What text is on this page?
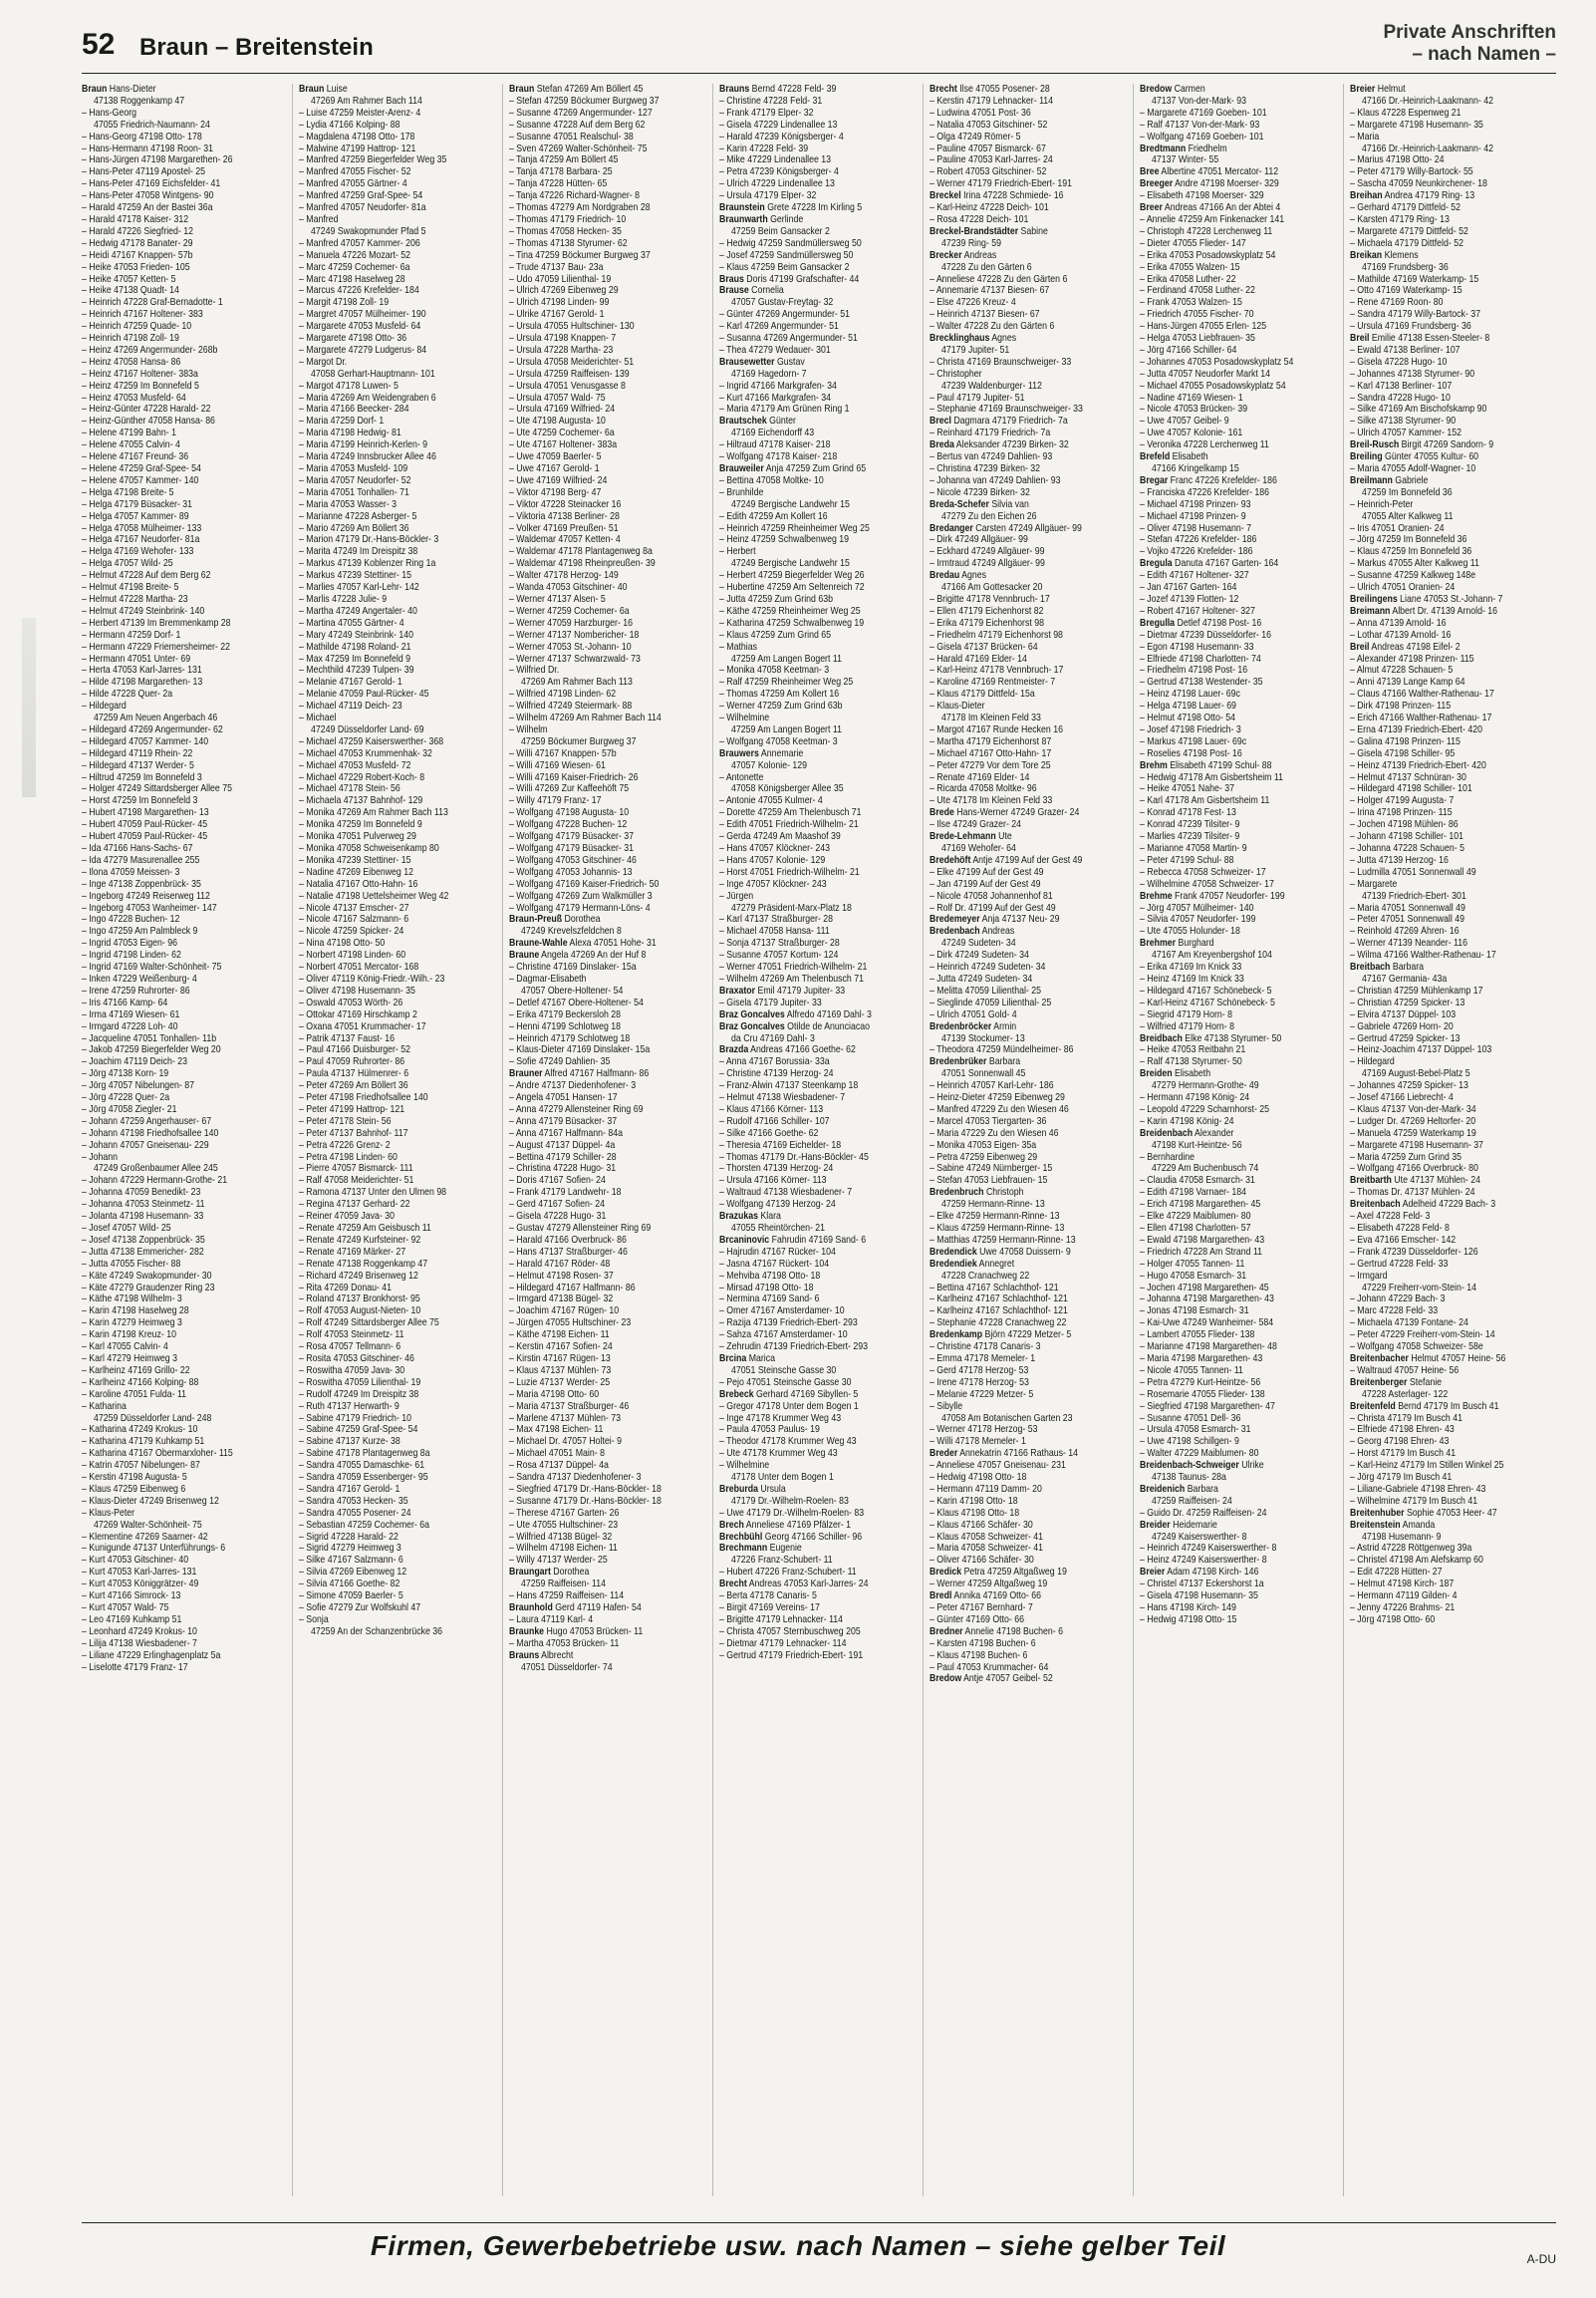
52 Braun – Breitenstein
Private Anschriften
– nach Namen –
Braun Hans-Dieter
47138 Roggenkamp 47
– Hans-Georg
47055 Friedrich-Naumann- 24
– Hans-Georg 47198 Otto- 178
– Hans-Hermann 47198 Roon- 31
– Hans-Jürgen 47198 Margarethen- 26
– Hans-Peter 47119 Apostel- 25
– Hans-Peter 47169 Eichsfelder- 41
– Hans-Peter 47058 Wintgens- 90
– Harald 47259 An der Bastei 36a
– Harald 47178 Kaiser- 312
– Harald 47226 Siegfried- 12
– Hedwig 47178 Banater- 29
– Heidi 47167 Knappen- 57b
– Heike 47053 Frieden- 105
– Heike 47057 Ketten- 5
– Heike 47138 Quadt- 14
– Heinrich 47228 Graf-Bernadotte- 1
– Heinrich 47167 Holtener- 383
– Heinrich 47259 Quade- 10
– Heinrich 47198 Zoll- 19
– Heinz 47269 Angermunder- 268b
– Heinz 47058 Hansa- 86
– Heinz 47167 Holtener- 383a
– Heinz 47259 Im Bonnefeld 5
– Heinz 47053 Musfeld- 64
– Heinz-Günter 47228 Harald- 22
– Heinz-Günther 47058 Hansa- 86
– Helene 47199 Bahn- 1
– Helene 47055 Calvin- 4
– Helene 47167 Freund- 36
– Helene 47259 Graf-Spee- 54
– Helene 47057 Kammer- 140
– Helga 47198 Breite- 5
– Helga 47179 Büsacker- 31
– Helga 47057 Kammer- 89
– Helga 47058 Mülheimer- 133
– Helga 47167 Neudorfer- 81a
– Helga 47169 Wehofer- 133
– Helga 47057 Wild- 25
– Helmut 47228 Auf dem Berg 62
– Helmut 47198 Breite- 5
– Helmut 47228 Martha- 23
– Helmut 47249 Steinbrink- 140
– Herbert 47139 Im Bremmenkamp 28
– Hermann 47259 Dorf- 1
– Hermann 47229 Friemersheimer- 22
– Hermann 47051 Unter- 69
– Herta 47053 Karl-Jarres- 131
– Hilde 47198 Margarethen- 13
– Hilde 47228 Quer- 2a
– Hildegard
47259 Am Neuen Angerbach 46
– Hildegard 47269 Angermunder- 62
– Hildegard 47057 Kammer- 140
– Hildegard 47119 Rhein- 22
– Hildegard 47137 Werder- 5
– Hiltrud 47259 Im Bonnefeld 3
– Holger 47249 Sittardsberger Allee 75
– Horst 47259 Im Bonnefeld 3
– Hubert 47198 Margarethen- 13
– Hubert 47059 Paul-Rücker- 45
– Hubert 47059 Paul-Rücker- 45
– Ida 47166 Hans-Sachs- 67
– Ida 47279 Masurenallee 255
– Ilona 47059 Meissen- 3
– Inge 47138 Zoppenbrück- 35
– Ingeborg 47249 Reiserweg 112
– Ingeborg 47053 Wanheimer- 147
– Ingo 47228 Buchen- 12
– Ingo 47259 Am Palmbleck 9
– Ingrid 47053 Eigen- 96
– Ingrid 47198 Linden- 62
– Ingrid 47169 Walter-Schönheit- 75
– Inken 47229 Weißenburg- 4
– Irene 47259 Ruhrorter- 86
– Iris 47166 Kamp- 64
– Irma 47169 Wiesen- 61
– Irmgard 47228 Loh- 40
– Jacqueline 47051 Tonhallen- 11b
– Jakob 47259 Biegerfelder Weg 20
– Joachim 47119 Deich- 23
– Jörg 47138 Korn- 19
– Jörg 47057 Nibelungen- 87
– Jörg 47228 Quer- 2a
– Jörg 47058 Ziegler- 21
– Johann 47259 Angerhauser- 67
– Johann 47198 Friedhofsallee 140
– Johann 47057 Gneisenau- 229
– Johann
47249 Großenbaumer Allee 245
– Johann 47229 Hermann-Grothe- 21
– Johanna 47059 Benedikt- 23
– Johanna 47053 Steinmetz- 11
– Jolanta 47198 Husemann- 33
– Josef 47057 Wild- 25
– Josef 47138 Zoppenbrück- 35
– Jutta 47138 Emmericher- 282
– Jutta 47055 Fischer- 88
– Käte 47249 Swakopmunder- 30
– Käte 47279 Graudenzer Ring 23
– Käthe 47198 Wilhelm- 3
– Karin 47198 Haselweg 28
– Karin 47279 Heimweg 3
– Karin 47198 Kreuz- 10
– Karl 47055 Calvin- 4
– Karl 47279 Heimweg 3
– Karlheinz 47169 Grillo- 22
– Karlheinz 47166 Kolping- 88
– Karoline 47051 Fulda- 11
– Katharina
47259 Düsseldorfer Land- 248
– Katharina 47249 Krokus- 10
– Katharina 47179 Kuhkamp 51
– Katharina 47167 Obermarxloher- 115
– Katrin 47057 Nibelungen- 87
– Kerstin 47198 Augusta- 5
– Klaus 47259 Eibenweg 6
– Klaus-Dieter 47249 Brisenweg 12
– Klaus-Peter
47269 Walter-Schönheit- 75
– Klementine 47269 Saarner- 42
– Kunigunde 47137 Unterführungs- 6
– Kurt 47053 Gitschiner- 40
– Kurt 47053 Karl-Jarres- 131
– Kurt 47053 Königgrätzer- 49
– Kurt 47166 Simrock- 13
– Kurt 47057 Wald- 75
– Leo 47169 Kuhkamp 51
– Leonhard 47249 Krokus- 10
– Lilija 47138 Wiesbadener- 7
– Liliane 47229 Erlinghagenplatz 5a
– Liselotte 47179 Franz- 17
Braun Luise
47269 Am Rahmer Bach 114
– Luise 47259 Meister-Arenz- 4
– Lydia 47166 Kolping- 88
– Magdalena 47198 Otto- 178
– Malwine 47199 Hattrop- 121
– Manfred 47259 Biegerfelder Weg 35
– Manfred 47055 Fischer- 52
– Manfred 47055 Gärtner- 4
– Manfred 47259 Graf-Spee- 54
– Manfred 47057 Neudorfer- 81a
– Manfred
47249 Swakopmunder Pfad 5
– Manfred 47057 Kammer- 206
– Manuela 47226 Mozart- 52
– Marc 47259 Cochemer- 6a
– Marc 47198 Haselweg 28
– Marcus 47226 Krefelder- 184
– Margit 47198 Zoll- 19
– Margret 47057 Mülheimer- 190
– Margarete 47053 Musfeld- 64
– Margarete 47198 Otto- 36
– Margarete 47279 Ludgerus- 84
– Margot Dr.
47058 Gerhart-Hauptmann- 101
– Margot 47178 Luwen- 5
– Maria 47269 Am Weidengraben 6
– Maria 47166 Beecker- 284
– Maria 47259 Dorf- 1
– Maria 47198 Hedwig- 81
– Maria 47199 Heinrich-Kerlen- 9
– Maria 47249 Innsbrucker Allee 46
– Maria 47053 Musfeld- 109
– Maria 47057 Neudorfer- 52
– Maria 47051 Tonhallen- 71
– Maria 47053 Wasser- 3
– Marianne 47228 Asberger- 5
– Mario 47269 Am Böllert 36
– Marion 47179 Dr.-Hans-Böckler- 3
– Marita 47249 Im Dreispitz 38
– Markus 47139 Koblenzer Ring 1a
– Markus 47239 Stettiner- 15
– Marlies 47057 Karl-Lehr- 142
– Marlis 47228 Julie- 9
– Martha 47249 Angertaler- 40
– Martina 47055 Gärtner- 4
– Mary 47249 Steinbrink- 140
– Mathilde 47198 Roland- 21
– Max 47259 Im Bonnefeld 9
– Mechthild 47239 Tulpen- 39
– Melanie 47167 Gerold- 1
– Melanie 47059 Paul-Rücker- 45
– Michael 47119 Deich- 23
– Michael
47249 Düsseldorfer Land- 69
– Michael 47259 Kaiserswerther- 368
– Michael 47053 Krummenhak- 32
– Michael 47053 Musfeld- 72
– Michael 47229 Robert-Koch- 8
– Michael 47178 Stein- 56
– Michaela 47137 Bahnhof- 129
– Monika 47269 Am Rahmer Bach 113
– Monika 47259 Im Bonnefeld 9
– Monika 47051 Pulverweg 29
– Monika 47058 Schweisenkamp 80
– Monika 47239 Stettiner- 15
– Nadine 47269 Eibenweg 12
– Natalia 47167 Otto-Hahn- 16
– Natalie 47198 Uettelsheimer Weg 42
– Nicole 47137 Emscher- 27
– Nicole 47167 Salzmann- 6
– Nicole 47259 Spicker- 24
– Nina 47198 Otto- 50
– Norbert 47198 Linden- 60
– Norbert 47051 Mercator- 168
– Oliver 47119 König-Friedr.-Wilh.- 23
– Oliver 47198 Husemann- 35
– Oswald 47053 Wörth- 26
– Ottokar 47169 Hirschkamp 2
– Oxana 47051 Krummacher- 17
– Patrik 47137 Faust- 16
– Paul 47166 Duisburger- 52
– Paul 47059 Ruhrorter- 86
– Paula 47137 Hülmenrer- 6
– Peter 47269 Am Böllert 36
– Peter 47198 Friedhofsallee 140
– Peter 47199 Hattrop- 121
– Peter 47178 Stein- 56
– Peter 47137 Bahnhof- 117
– Petra 47226 Grenz- 2
– Petra 47198 Linden- 60
– Pierre 47057 Bismarck- 111
– Ralf 47058 Meiderichter- 51
– Ramona 47137 Unter den Ulmen 98
– Regina 47137 Gerhard- 22
– Reiner 47059 Java- 30
– Renate 47259 Am Geisbusch 11
– Renate 47249 Kurfsteiner- 92
– Renate 47169 Märker- 27
– Renate 47138 Roggenkamp 47
– Richard 47249 Brisenweg 12
– Rita 47269 Donau- 41
– Roland 47137 Bronkhorst- 95
– Rolf 47053 August-Nieten- 10
– Rolf 47249 Sittardsberger Allee 75
– Rolf 47053 Steinmetz- 11
– Rosa 47057 Tellmann- 6
– Rosita 47053 Gitschiner- 46
– Roswitha 47059 Java- 30
– Roswitha 47059 Lilienthal- 19
– Rudolf 47249 Im Dreispitz 38
– Ruth 47137 Herwarth- 9
– Sabine 47179 Friedrich- 10
– Sabine 47259 Graf-Spee- 54
– Sabine 47137 Kurze- 38
– Sabine 47178 Plantagenweg 8a
– Sandra 47055 Damaschke- 61
– Sandra 47059 Essenberger- 95
– Sandra 47167 Gerold- 1
– Sandra 47053 Hecken- 35
– Sandra 47055 Posener- 24
– Sebastian 47259 Cochemer- 6a
– Sigrid 47228 Harald- 22
– Sigrid 47279 Heimweg 3
– Silke 47167 Salzmann- 6
– Silvia 47269 Eibenweg 12
– Silvia 47166 Goethe- 82
– Simone 47059 Baerler- 5
– Sofie 47279 Zur Wolfskuhl 47
– Sonja
47259 An der Schanzenbrücke 36
Braun Stefan 47269 Am Böllert 45
– Stefan 47259 Böckumer Burgweg 37
– Susanne 47269 Angermunder- 127
– Susanne 47228 Auf dem Berg 62
– Susanne 47051 Realschul- 38
– Sven 47269 Walter-Schönheit- 75
– Tanja 47259 Am Böllert 45
– Tanja 47178 Barbara- 25
– Tanja 47228 Hütten- 65
– Tanja 47226 Richard-Wagner- 8
– Thomas 47279 Am Nordgraben 28
– Thomas 47179 Friedrich- 10
– Thomas 47058 Hecken- 35
– Thomas 47138 Styrumer- 62
– Tina 47259 Böckumer Burgweg 37
– Trude 47137 Bau- 23a
– Udo 47059 Lilienthal- 19
– Ulrich 47269 Eibenweg 29
– Ulrich 47198 Linden- 99
– Ulrike 47167 Gerold- 1
– Ursula 47055 Hultschiner- 130
– Ursula 47198 Knappen- 7
– Ursula 47228 Martha- 23
– Ursula 47058 Meiderichter- 51
– Ursula 47259 Raiffeisen- 139
– Ursula 47051 Venusgasse 8
– Ursula 47057 Wald- 75
– Ursula 47169 Wilfried- 24
– Ute 47198 Augusta- 10
– Ute 47259 Cochemer- 6a
– Ute 47167 Holtener- 383a
– Uwe 47059 Baerler- 5
– Uwe 47167 Gerold- 1
– Uwe 47169 Wilfried- 24
– Viktor 47198 Berg- 47
– Viktor 47228 Steinacker 16
– Viktoria 47138 Berliner- 28
– Volker 47169 Preußen- 51
– Waldemar 47057 Ketten- 4
– Waldemar 47178 Plantagenweg 8a
– Waldemar 47198 Rheinpreußen- 39
– Walter 47178 Herzog- 149
– Wanda 47053 Gitschiner- 40
– Werner 47137 Alsen- 5
– Werner 47259 Cochemer- 6a
– Werner 47059 Harzburger- 16
– Werner 47137 Nombericher- 18
– Werner 47053 St.-Johann- 10
– Werner 47137 Schwarzwald- 73
– Wilfried Dr.
47269 Am Rahmer Bach 113
– Wilfried 47198 Linden- 62
– Wilfried 47249 Steiermark- 88
– Wilhelm 47269 Am Rahmer Bach 114
– Wilhelm
47259 Böckumer Burgweg 37
– Willi 47167 Knappen- 57b
– Willi 47169 Wiesen- 61
– Willi 47169 Kaiser-Friedrich- 26
– Willi 47269 Zur Kaffeehöft 75
– Willy 47179 Franz- 17
– Wolfgang 47198 Augusta- 10
– Wolfgang 47228 Buchen- 12
– Wolfgang 47179 Büsacker- 37
– Wolfgang 47179 Büsacker- 31
– Wolfgang 47053 Gitschiner- 46
– Wolfgang 47053 Johannis- 13
– Wolfgang 47169 Kaiser-Friedrich- 50
– Wolfgang 47269 Zum Walkmüller 3
– Wolfgang 47179 Hermann-Löns- 4
Braun-Preuß Dorothea
47249 Krevelszfeldchen 8
Braune-Wahle Alexa 47051 Hohe- 31
Braune Angela 47269 An der Huf 8
– Christine 47169 Dinslaker- 15a
– Dagmar-Elisabeth
47057 Obere-Holtener- 54
– Detlef 47167 Obere-Holtener- 54
– Erika 47179 Beckersloh 28
– Henni 47199 Schlotweg 18
– Heinrich 47179 Schlotweg 18
– Klaus-Dieter 47169 Dinslaker- 15a
– Sofie 47249 Dahlien- 35
Brauner Alfred 47167 Halfmann- 86
– Andre 47137 Diedenhofener- 3
– Angela 47051 Hansen- 17
– Anna 47279 Allensteiner Ring 69
– Anna 47179 Büsacker- 37
– Anna 47167 Halfmann- 84a
– August 47137 Düppel- 4a
– Bettina 47179 Schiller- 28
– Christina 47228 Hugo- 31
– Doris 47167 Sofien- 24
– Frank 47179 Landwehr- 18
– Gerd 47167 Sofien- 24
– Gisela 47228 Hugo- 31
– Gustav 47279 Allensteiner Ring 69
– Harald 47166 Overbruck- 86
– Hans 47137 Straßburger- 46
– Harald 47167 Röder- 48
– Helmut 47198 Rosen- 37
– Hildegard 47167 Halfmann- 86
– Irmgard 47138 Bügel- 32
– Joachim 47167 Rügen- 10
– Jürgen 47055 Hultschiner- 23
– Käthe 47198 Eichen- 11
– Kerstin 47167 Sofien- 24
– Kirstin 47167 Rügen- 13
– Klaus 47137 Mühlen- 73
– Luzie 47137 Werder- 25
– Maria 47198 Otto- 60
– Maria 47137 Straßburger- 46
– Marlene 47137 Mühlen- 73
– Max 47198 Eichen- 11
– Michael Dr. 47057 Holtei- 9
– Michael 47051 Main- 8
– Rosa 47137 Düppel- 4a
– Sandra 47137 Diedenhofener- 3
– Siegfried 47179 Dr.-Hans-Böckler- 18
– Susanne 47179 Dr.-Hans-Böckler- 18
– Therese 47167 Garten- 26
– Ute 47055 Hultschiner- 23
– Wilfried 47138 Bügel- 32
– Wilhelm 47198 Eichen- 11
– Willy 47137 Werder- 25
Braungart Dorothea
47259 Raiffeisen- 114
– Hans 47259 Raiffeisen- 114
Braunhold Gerd 47119 Hafen- 54
– Laura 47119 Karl- 4
Braunke Hugo 47053 Brücken- 11
– Martha 47053 Brücken- 11
Brauns Albrecht
47051 Düsseldorfer- 74
Brauns Bernd 47228 Feld- 39
– Christine 47228 Feld- 31
– Frank 47179 Elper- 32
– Gisela 47229 Lindenallee 13
– Harald 47239 Königsberger- 4
– Karin 47228 Feld- 39
– Mike 47229 Lindenallee 13
– Petra 47239 Königsberger- 4
– Ulrich 47229 Lindenallee 13
– Ursula 47179 Elper- 32
Braunstein Grete 47228 Im Kirling 5
Braunwarth Gerlinde
47259 Beim Gansacker 2
– Hedwig 47259 Sandmüllersweg 50
– Josef 47259 Sandmüllersweg 50
– Klaus 47259 Beim Gansacker 2
Braus Doris 47199 Grafschafter- 44
Brause Cornelia
47057 Gustav-Freytag- 32
– Günter 47269 Angermunder- 51
– Karl 47269 Angermunder- 51
– Susanna 47269 Angermunder- 51
– Thea 47279 Wedauer- 301
Brausewetter Gustav
47169 Hagedorn- 7
– Ingrid 47166 Markgrafen- 34
– Kurt 47166 Markgrafen- 34
– Maria 47179 Am Grünen Ring 1
Brautschek Günter
47169 Eichendorff 43
– Hiltraud 47178 Kaiser- 218
– Wolfgang 47178 Kaiser- 218
Brauweiler Anja 47259 Zum Grind 65
– Bettina 47058 Moltke- 10
– Brunhilde
47249 Bergische Landwehr 15
– Edith 47259 Am Kollert 16
– Heinrich 47259 Rheinheimer Weg 25
– Heinz 47259 Schwalbenweg 19
– Herbert
47249 Bergische Landwehr 15
– Herbert 47259 Biegerfelder Weg 26
– Hubertine 47259 Am Seltenreich 72
– Jutta 47259 Zum Grind 63b
– Käthe 47259 Rheinheimer Weg 25
– Katharina 47259 Schwalbenweg 19
– Klaus 47259 Zum Grind 65
– Mathias
47259 Am Langen Bogert 11
– Monika 47058 Keetman- 3
– Ralf 47259 Rheinheimer Weg 25
– Thomas 47259 Am Kollert 16
– Werner 47259 Zum Grind 63b
– Wilhelmine
47259 Am Langen Bogert 11
– Wolfgang 47058 Keetman- 3
Brauwers Annemarie
47057 Kolonie- 129
– Antonette
47058 Königsberger Allee 35
– Antonie 47055 Kulmer- 4
– Dorette 47259 Am Thelenbusch 71
– Edith 47051 Friedrich-Wilhelm- 21
– Gerda 47249 Am Maashof 39
– Hans 47057 Klöckner- 243
– Hans 47057 Kolonie- 129
– Horst 47051 Friedrich-Wilhelm- 21
– Inge 47057 Klöckner- 243
– Jürgen
47279 Präsident-Marx-Platz 18
– Karl 47137 Straßburger- 28
– Michael 47058 Hansa- 111
– Sonja 47137 Straßburger- 28
– Susanne 47057 Kortum- 124
– Werner 47051 Friedrich-Wilhelm- 21
– Wilhelm 47269 Am Thelenbusch 71
Braxator Emil 47179 Jupiter- 33
– Gisela 47179 Jupiter- 33
Braz Goncalves Alfredo 47169 Dahl- 3
Braz Goncalves Otilde de Anunciacao
da Cru 47169 Dahl- 3
Brazda Andreas 47166 Goethe- 62
– Anna 47167 Borussia- 33a
– Christine 47139 Herzog- 24
– Franz-Alwin 47137 Steenkamp 18
– Helmut 47138 Wiesbadener- 7
– Klaus 47166 Körner- 113
– Rudolf 47166 Schiller- 107
– Silke 47166 Goethe- 62
– Theresia 47169 Eichelder- 18
– Thomas 47179 Dr.-Hans-Böckler- 45
– Thorsten 47139 Herzog- 24
– Ursula 47166 Körner- 113
– Waltraud 47138 Wiesbadener- 7
– Wolfgang 47139 Herzog- 24
Brazukas Klara
47055 Rheintörchen- 21
Brcaninovic Fahrudin 47169 Sand- 6
– Hajrudin 47167 Rücker- 104
– Jasna 47167 Rückert- 104
– Mehviba 47198 Otto- 18
– Mirsad 47198 Otto- 18
– Nermina 47169 Sand- 6
– Omer 47167 Amsterdamer- 10
– Razija 47139 Friedrich-Ebert- 293
– Sahza 47167 Amsterdamer- 10
– Zehrudin 47139 Friedrich-Ebert- 293
Brcina Marica
47051 Steinsche Gasse 30
– Pejo 47051 Steinsche Gasse 30
Brebeck Gerhard 47169 Sibyllen- 5
– Gregor 47178 Unter dem Bogen 1
– Inge 47178 Krummer Weg 43
– Paula 47053 Paulus- 19
– Theodor 47178 Krummer Weg 43
– Ute 47178 Krummer Weg 43
– Wilhelmine
47178 Unter dem Bogen 1
Breburda Ursula
47179 Dr.-Wilhelm-Roelen- 83
– Uwe 47179 Dr.-Wilhelm-Roelen- 83
Brech Anneliese 47169 Pfälzer- 1
Brechbühl Georg 47166 Schiller- 96
Brechmann Eugenie
47226 Franz-Schubert- 11
– Hubert 47226 Franz-Schubert- 11
Brecht Andreas 47053 Karl-Jarres- 24
– Berta 47178 Canaris- 5
– Birgit 47169 Vereins- 17
– Brigitte 47179 Lehnacker- 114
– Christa 47057 Sternbuschweg 205
– Dietmar 47179 Lehnacker- 114
– Gertrud 47179 Friedrich-Ebert- 191
Brecht Ilse 47055 Posener- 28
– Kerstin 47179 Lehnacker- 114
– Ludwina 47051 Post- 36
– Natalia 47053 Gitschiner- 52
– Olga 47249 Römer- 5
– Pauline 47057 Bismarck- 67
– Pauline 47053 Karl-Jarres- 24
– Robert 47053 Gitschiner- 52
– Werner 47179 Friedrich-Ebert- 191
Breckel Irina 47228 Schmiede- 16
– Karl-Heinz 47228 Deich- 101
– Rosa 47228 Deich- 101
Breckel-Brandstädter Sabine
47239 Ring- 59
Brecker Andreas
47228 Zu den Gärten 6
– Anneliese 47228 Zu den Gärten 6
– Annemarie 47137 Biesen- 67
– Else 47226 Kreuz- 4
– Heinrich 47137 Biesen- 67
– Walter 47228 Zu den Gärten 6
Brecklinghaus Agnes
47179 Jupiter- 51
– Christa 47169 Braunschweiger- 33
– Christopher
47239 Waldenburger- 112
– Paul 47179 Jupiter- 51
– Stephanie 47169 Braunschweiger- 33
Brecl Dagmara 47179 Friedrich- 7a
– Reinhard 47179 Friedrich- 7a
Breda Aleksander 47239 Birken- 32
– Bertus van 47249 Dahlien- 93
– Christina 47239 Birken- 32
– Johanna van 47249 Dahlien- 93
– Nicole 47239 Birken- 32
Breda-Schefer Silvia van
47279 Zu den Eichen 26
Bredanger Carsten 47249 Allgäuer- 99
– Dirk 47249 Allgäuer- 99
– Eckhard 47249 Allgäuer- 99
– Irmtraud 47249 Allgäuer- 99
Bredau Agnes
47166 Am Gottesacker 20
– Brigitte 47178 Vennbruch- 17
– Ellen 47179 Eichenhorst 82
– Erika 47179 Eichenhorst 98
– Friedhelm 47179 Eichenhorst 98
– Gisela 47137 Brücken- 64
– Harald 47169 Elder- 14
– Karl-Heinz 47178 Vennbruch- 17
– Karoline 47169 Rentmeister- 7
– Klaus 47179 Dittfeld- 15a
– Klaus-Dieter
47178 Im Kleinen Feld 33
– Margot 47167 Runde Hecken 16
– Martha 47179 Eichenhorst 87
– Michael 47167 Otto-Hahn- 17
– Peter 47279 Vor dem Tore 25
– Renate 47169 Elder- 14
– Ricarda 47058 Moltke- 96
– Ute 47178 Im Kleinen Feld 33
Brede Hans-Werner 47249 Grazer- 24
– Ilse 47249 Grazer- 24
Brede-Lehmann Ute
47169 Wehofer- 64
Bredehöft Antje 47199 Auf der Gest 49
– Elke 47199 Auf der Gest 49
– Jan 47199 Auf der Gest 49
– Nicole 47058 Johannenhof 81
– Rolf Dr. 47199 Auf der Gest 49
Bredemeyer Anja 47137 Neu- 29
Bredenbach Andreas
47249 Sudeten- 34
– Dirk 47249 Sudeten- 34
– Heinrich 47249 Sudeten- 34
– Jutta 47249 Sudeten- 34
– Melitta 47059 Lilienthal- 25
– Sieglinde 47059 Lilienthal- 25
– Ulrich 47051 Gold- 4
Bredenbröcker Armin
47139 Stockumer- 13
– Theodora 47259 Mündelheimer- 86
Bredenbrüker Barbara
47051 Sonnenwall 45
– Heinrich 47057 Karl-Lehr- 186
– Heinz-Dieter 47259 Eibenweg 29
– Manfred 47229 Zu den Wiesen 46
– Marcel 47053 Tiergarten- 36
– Maria 47229 Zu den Wiesen 46
– Monika 47053 Eigen- 35a
– Petra 47259 Eibenweg 29
– Sabine 47249 Nürnberger- 15
– Stefan 47053 Liebfrauen- 15
Bredenbruch Christoph
47259 Hermann-Rinne- 13
– Elke 47259 Hermann-Rinne- 13
– Klaus 47259 Hermann-Rinne- 13
– Matthias 47259 Hermann-Rinne- 13
Bredendick Uwe 47058 Duissern- 9
Bredendiek Annegret
47228 Cranachweg 22
– Bettina 47167 Schlachthof- 121
– Karlheinz 47167 Schlachthof- 121
– Karlheinz 47167 Schlachthof- 121
– Stephanie 47228 Cranachweg 22
Bredenkamp Björn 47229 Metzer- 5
– Christine 47178 Canaris- 3
– Emma 47178 Memeler- 1
– Gerd 47178 Herzog- 53
– Irene 47178 Herzog- 53
– Melanie 47229 Metzer- 5
– Sibylle
47058 Am Botanischen Garten 23
– Werner 47178 Herzog- 53
– Willi 47178 Memeler- 1
Breder Annekatrin 47166 Rathaus- 14
– Anneliese 47057 Gneisenau- 231
– Hedwig 47198 Otto- 18
– Hermann 47119 Damm- 20
– Karin 47198 Otto- 18
– Klaus 47198 Otto- 18
– Klaus 47166 Schäfer- 30
– Klaus 47058 Schweizer- 41
– Maria 47058 Schweizer- 41
– Oliver 47166 Schäfer- 30
Bredick Petra 47259 Altgaßweg 19
– Werner 47259 Altgaßweg 19
Bredl Annika 47169 Otto- 66
– Peter 47167 Bernhard- 7
– Günter 47169 Otto- 66
Bredner Annelie 47198 Buchen- 6
– Karsten 47198 Buchen- 6
– Klaus 47198 Buchen- 6
– Paul 47053 Krummacher- 64
Bredow Antje 47057 Geibel- 52
Bredow Carmen
47137 Von-der-Mark- 93
– Margarete 47169 Goeben- 101
– Ralf 47137 Von-der-Mark- 93
– Wolfgang 47169 Goeben- 101
Bredtmann Friedhelm
47137 Winter- 55
Bree Albertine 47051 Mercator- 112
Breeger Andre 47198 Moerser- 329
– Elisabeth 47198 Moerser- 329
Breer Andreas 47166 An der Abtei 4
– Annelie 47259 Am Finkenacker 141
– Christoph 47228 Lerchenweg 11
– Dieter 47055 Flieder- 147
– Erika 47053 Posadowskyplatz 54
– Erika 47055 Walzen- 15
– Erika 47058 Luther- 22
– Ferdinand 47058 Luther- 22
– Frank 47053 Walzen- 15
– Friedrich 47055 Fischer- 70
– Hans-Jürgen 47055 Erlen- 125
– Helga 47053 Liebfrauen- 35
– Jörg 47166 Schiller- 64
– Johannes 47053 Posadowskyplatz 54
– Jutta 47057 Neudorfer Markt 14
– Michael 47055 Posadowskyplatz 54
– Nadine 47169 Wiesen- 1
– Nicole 47053 Brücken- 39
– Uwe 47057 Geibel- 9
– Uwe 47057 Kolonie- 161
– Veronika 47228 Lerchenweg 11
Brefeld Elisabeth
47166 Kringelkamp 15
Bregar Franc 47226 Krefelder- 186
– Franciska 47226 Krefelder- 186
– Michael 47198 Prinzen- 93
– Michael 47198 Prinzen- 9
– Oliver 47198 Husemann- 7
– Stefan 47226 Krefelder- 186
– Vojko 47226 Krefelder- 186
Bregula Danuta 47167 Garten- 164
– Edith 47167 Holtener- 327
– Jan 47167 Garten- 164
– Jozef 47139 Flotten- 12
– Robert 47167 Holtener- 327
Bregulla Detlef 47198 Post- 16
– Dietmar 47239 Düsseldorfer- 16
– Egon 47198 Husemann- 33
– Elfriede 47198 Charlotten- 74
– Friedhelm 47198 Post- 16
– Gertrud 47138 Westender- 35
– Heinz 47198 Lauer- 69c
– Helga 47198 Lauer- 69
– Helmut 47198 Otto- 54
– Josef 47198 Friedrich- 3
– Markus 47198 Lauer- 69c
– Roselies 47198 Post- 16
Brehm Elisabeth 47199 Schul- 88
– Hedwig 47178 Am Gisbertsheim 11
– Heike 47051 Nahe- 37
– Karl 47178 Am Gisbertsheim 11
– Konrad 47178 Fest- 13
– Konrad 47239 Tilsiter- 9
– Marlies 47239 Tilsiter- 9
– Marianne 47058 Martin- 9
– Peter 47199 Schul- 88
– Rebecca 47058 Schweizer- 17
– Wilhelmine 47058 Schweizer- 17
Brehme Frank 47057 Neudorfer- 199
– Jörg 47057 Mülheimer- 140
– Silvia 47057 Neudorfer- 199
– Ute 47055 Holunder- 18
Brehmer Burghard
47167 Am Kreyenbergshof 104
– Erika 47169 Im Knick 33
– Heinz 47169 Im Knick 33
– Hildegard 47167 Schönebeck- 5
– Karl-Heinz 47167 Schönebeck- 5
– Siegrid 47179 Horn- 8
– Wilfried 47179 Horn- 8
Breidbach Elke 47138 Styrumer- 50
– Heike 47053 Reitbahn 21
– Ralf 47138 Styrumer- 50
Breiden Elisabeth
47279 Hermann-Grothe- 49
– Hermann 47198 König- 24
– Leopold 47229 Scharnhorst- 25
– Karin 47198 König- 24
Breidenbach Alexander
47198 Kurt-Heintze- 56
– Bernhardine
47229 Am Buchenbusch 74
– Claudia 47058 Esmarch- 31
– Edith 47198 Varnaer- 184
– Erich 47198 Margarethen- 45
– Elke 47229 Maiblumen- 80
– Ellen 47198 Charlotten- 57
– Ewald 47198 Margarethen- 43
– Friedrich 47228 Am Strand 11
– Holger 47055 Tannen- 11
– Hugo 47058 Esmarch- 31
– Jochen 47198 Margarethen- 45
– Johanna 47198 Margarethen- 43
– Jonas 47198 Esmarch- 31
– Kai-Uwe 47249 Wanheimer- 584
– Lambert 47055 Flieder- 138
– Marianne 47198 Margarethen- 48
– Maria 47198 Margarethen- 43
– Nicole 47055 Tannen- 11
– Petra 47279 Kurt-Heintze- 56
– Rosemarie 47055 Flieder- 138
– Siegfried 47198 Margarethen- 47
– Susanne 47051 Dell- 36
– Ursula 47058 Esmarch- 31
– Uwe 47198 Schillgen- 9
– Walter 47229 Maiblumen- 80
Breidenbach-Schweiger Ulrike
47138 Taunus- 28a
Breidenich Barbara
47259 Raiffeisen- 24
– Guido Dr. 47259 Raiffeisen- 24
Breider Heidemarie
47249 Kaiserswerther- 8
– Heinrich 47249 Kaiserswerther- 8
– Heinz 47249 Kaiserswerther- 8
Breier Adam 47198 Kirch- 146
– Christel 47137 Eckershorst 1a
– Gisela 47198 Husemann- 35
– Hans 47198 Kirch- 149
– Hedwig 47198 Otto- 15
Breier Helmut
47166 Dr.-Heinrich-Laakmann- 42
– Klaus 47228 Espenweg 21
– Margarete 47198 Husemann- 35
– Maria
47166 Dr.-Heinrich-Laakmann- 42
– Marius 47198 Otto- 24
– Peter 47179 Willy-Bartock- 55
– Sascha 47059 Neunkirchener- 18
Breihan Andrea 47179 Ring- 13
– Gerhard 47179 Dittfeld- 52
– Karsten 47179 Ring- 13
– Margarete 47179 Dittfeld- 52
– Michaela 47179 Dittfeld- 52
Breikan Klemens
47169 Frundsberg- 36
– Mathilde 47169 Waterkamp- 15
– Otto 47169 Waterkamp- 15
– Rene 47169 Roon- 80
– Sandra 47179 Willy-Bartock- 37
– Ursula 47169 Frundsberg- 36
Breil Emilie 47138 Essen-Steeler- 8
– Ewald 47138 Berliner- 107
– Gisela 47228 Hugo- 10
– Johannes 47138 Styrumer- 90
– Karl 47138 Berliner- 107
– Sandra 47228 Hugo- 10
– Silke 47169 Am Bischofskamp 90
– Silke 47138 Styrumer- 90
– Ulrich 47057 Kammer- 152
Breil-Rusch Birgit 47269 Sandorn- 9
Breiling Günter 47055 Kultur- 60
– Maria 47055 Adolf-Wagner- 10
Breilmann Gabriele
47259 Im Bonnefeld 36
– Heinrich-Peter
47055 Alter Kalkweg 11
– Iris 47051 Oranien- 24
– Jörg 47259 Im Bonnefeld 36
– Klaus 47259 Im Bonnefeld 36
– Markus 47055 Alter Kalkweg 11
– Susanne 47259 Kalkweg 148e
– Ulrich 47051 Oranien- 24
Breilingens Liane 47053 St.-Johann- 7
Breimann Albert Dr. 47139 Arnold- 16
– Anna 47139 Arnold- 16
– Lothar 47139 Arnold- 16
Breil Andreas 47198 Eifel- 2
– Alexander 47198 Prinzen- 115
– Almut 47228 Schauen- 5
– Anni 47139 Lange Kamp 64
– Claus 47166 Walther-Rathenau- 17
– Dirk 47198 Prinzen- 115
– Erich 47166 Walther-Rathenau- 17
– Erna 47139 Friedrich-Ebert- 420
– Galina 47198 Prinzen- 115
– Gisela 47198 Schiller- 95
– Heinz 47139 Friedrich-Ebert- 420
– Helmut 47137 Schnüran- 30
– Hildegard 47198 Schiller- 101
– Holger 47199 Augusta- 7
– Irina 47198 Prinzen- 115
– Jochen 47198 Mühlen- 86
– Johann 47198 Schiller- 101
– Johanna 47228 Schauen- 5
– Jutta 47139 Herzog- 16
– Ludmilla 47051 Sonnenwall 49
– Margarete
47139 Friedrich-Ebert- 301
– Maria 47051 Sonnenwall 49
– Peter 47051 Sonnenwall 49
– Reinhold 47269 Ähren- 16
– Werner 47139 Neander- 116
– Wilma 47166 Walther-Rathenau- 17
Breitbach Barbara
47167 Germania- 43a
– Christian 47259 Mühlenkamp 17
– Christian 47259 Spicker- 13
– Elvira 47137 Düppel- 103
– Gabriele 47269 Horn- 20
– Gertrud 47259 Spicker- 13
– Heinz-Joachim 47137 Düppel- 103
– Hildegard
47169 August-Bebel-Platz 5
– Johannes 47259 Spicker- 13
– Josef 47166 Liebrecht- 4
– Klaus 47137 Von-der-Mark- 34
– Ludger Dr. 47269 Heltorfer- 20
– Manuela 47259 Waterkamp 19
– Margarete 47198 Husemann- 37
– Maria 47259 Zum Grind 35
– Wolfgang 47166 Overbruck- 80
Breitbarth Ute 47137 Mühlen- 24
– Thomas Dr. 47137 Mühlen- 24
Breitenbach Adelheid 47229 Bach- 3
– Axel 47228 Feld- 3
– Elisabeth 47228 Feld- 8
– Eva 47166 Emscher- 142
– Frank 47239 Düsseldorfer- 126
– Gertrud 47228 Feld- 33
– Irmgard
47229 Freiherr-vom-Stein- 14
– Johann 47229 Bach- 3
– Marc 47228 Feld- 33
– Michaela 47139 Fontane- 24
– Peter 47229 Freiherr-vom-Stein- 14
– Wolfgang 47058 Schweizer- 58e
Breitenbacher Helmut 47057 Heine- 56
– Waltraud 47057 Heine- 56
Breitenberger Stefanie
47228 Asterlager- 122
Breitenfeld Bernd 47179 Im Busch 41
– Christa 47179 Im Busch 41
– Elfriede 47198 Ehren- 43
– Georg 47198 Ehren- 43
– Horst 47179 Im Busch 41
– Karl-Heinz 47179 Im Stillen Winkel 25
– Jörg 47179 Im Busch 41
– Liliane-Gabriele 47198 Ehren- 43
– Wilhelmine 47179 Im Busch 41
Breitenhuber Sophie 47053 Heer- 47
Breitenstein Amanda
47198 Husemann- 9
– Astrid 47228 Röttgenweg 39a
– Christel 47198 Am Alefskamp 60
– Edit 47228 Hütten- 27
– Helmut 47198 Kirch- 187
– Hermann 47119 Gilden- 4
– Jenny 47226 Brahms- 21
– Jörg 47198 Otto- 60
Firmen, Gewerbebetriebe usw. nach Namen – siehe gelber Teil	A-DU
